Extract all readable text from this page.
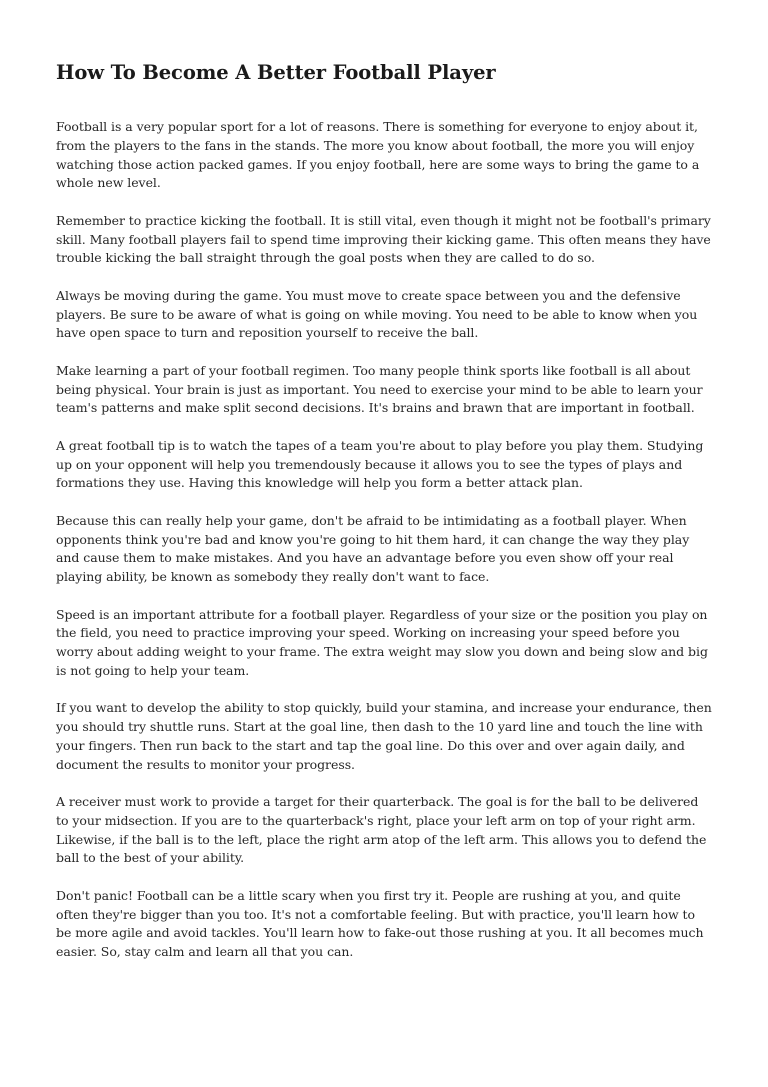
How To Become A Better Football Player

Football is a very popular sport for a lot of reasons. There is something for everyone to enjoy about it, from the players to the fans in the stands. The more you know about football, the more you will enjoy watching those action packed games. If you enjoy football, here are some ways to bring the game to a whole new level.

Remember to practice kicking the football. It is still vital, even though it might not be football's primary skill. Many football players fail to spend time improving their kicking game. This often means they have trouble kicking the ball straight through the goal posts when they are called to do so.

Always be moving during the game. You must move to create space between you and the defensive players. Be sure to be aware of what is going on while moving. You need to be able to know when you have open space to turn and reposition yourself to receive the ball.

Make learning a part of your football regimen. Too many people think sports like football is all about being physical. Your brain is just as important. You need to exercise your mind to be able to learn your team's patterns and make split second decisions. It's brains and brawn that are important in football.

A great football tip is to watch the tapes of a team you're about to play before you play them. Studying up on your opponent will help you tremendously because it allows you to see the types of plays and formations they use. Having this knowledge will help you form a better attack plan.

Because this can really help your game, don't be afraid to be intimidating as a football player. When opponents think you're bad and know you're going to hit them hard, it can change the way they play and cause them to make mistakes. And you have an advantage before you even show off your real playing ability, be known as somebody they really don't want to face.

Speed is an important attribute for a football player. Regardless of your size or the position you play on the field, you need to practice improving your speed. Working on increasing your speed before you worry about adding weight to your frame. The extra weight may slow you down and being slow and big is not going to help your team.

If you want to develop the ability to stop quickly, build your stamina, and increase your endurance, then you should try shuttle runs. Start at the goal line, then dash to the 10 yard line and touch the line with your fingers. Then run back to the start and tap the goal line. Do this over and over again daily, and document the results to monitor your progress.

A receiver must work to provide a target for their quarterback. The goal is for the ball to be delivered to your midsection. If you are to the quarterback's right, place your left arm on top of your right arm. Likewise, if the ball is to the left, place the right arm atop of the left arm. This allows you to defend the ball to the best of your ability.

Don't panic! Football can be a little scary when you first try it. People are rushing at you, and quite often they're bigger than you too. It's not a comfortable feeling. But with practice, you'll learn how to be more agile and avoid tackles. You'll learn how to fake-out those rushing at you. It all becomes much easier. So, stay calm and learn all that you can.
